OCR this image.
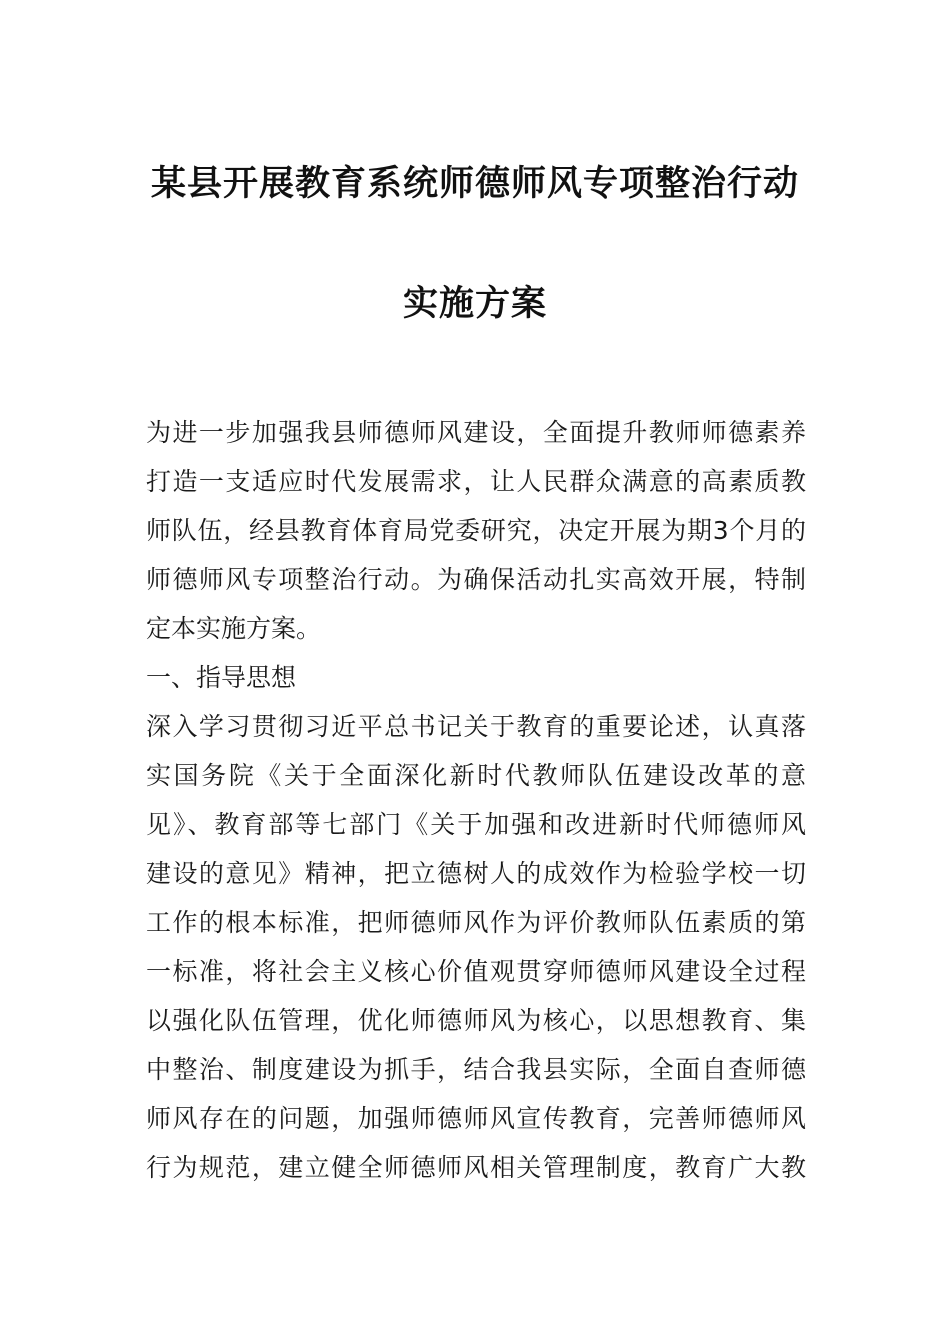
某县开展教育系统师德师风专项整治行动
实施方案
为进一步加强我县师德师风建设，全面提升教师师德素养
打造一支适应时代发展需求，让人民群众满意的高素质教
师队伍，经县教育体育局党委研究，决定开展为期3个月的
师德师风专项整治行动。为确保活动扎实高效开展，特制
定本实施方案。
一、指导思想
深入学习贯彻习近平总书记关于教育的重要论述，认真落
实国务院《关于全面深化新时代教师队伍建设改革的意
见》、教育部等七部门《关于加强和改进新时代师德师风
建设的意见》精神，把立德树人的成效作为检验学校一切
工作的根本标准，把师德师风作为评价教师队伍素质的第
一标准，将社会主义核心价值观贯穿师德师风建设全过程
以强化队伍管理，优化师德师风为核心，以思想教育、集
中整治、制度建设为抓手，结合我县实际，全面自查师德
师风存在的问题，加强师德师风宣传教育，完善师德师风
行为规范，建立健全师德师风相关管理制度，教育广大教
